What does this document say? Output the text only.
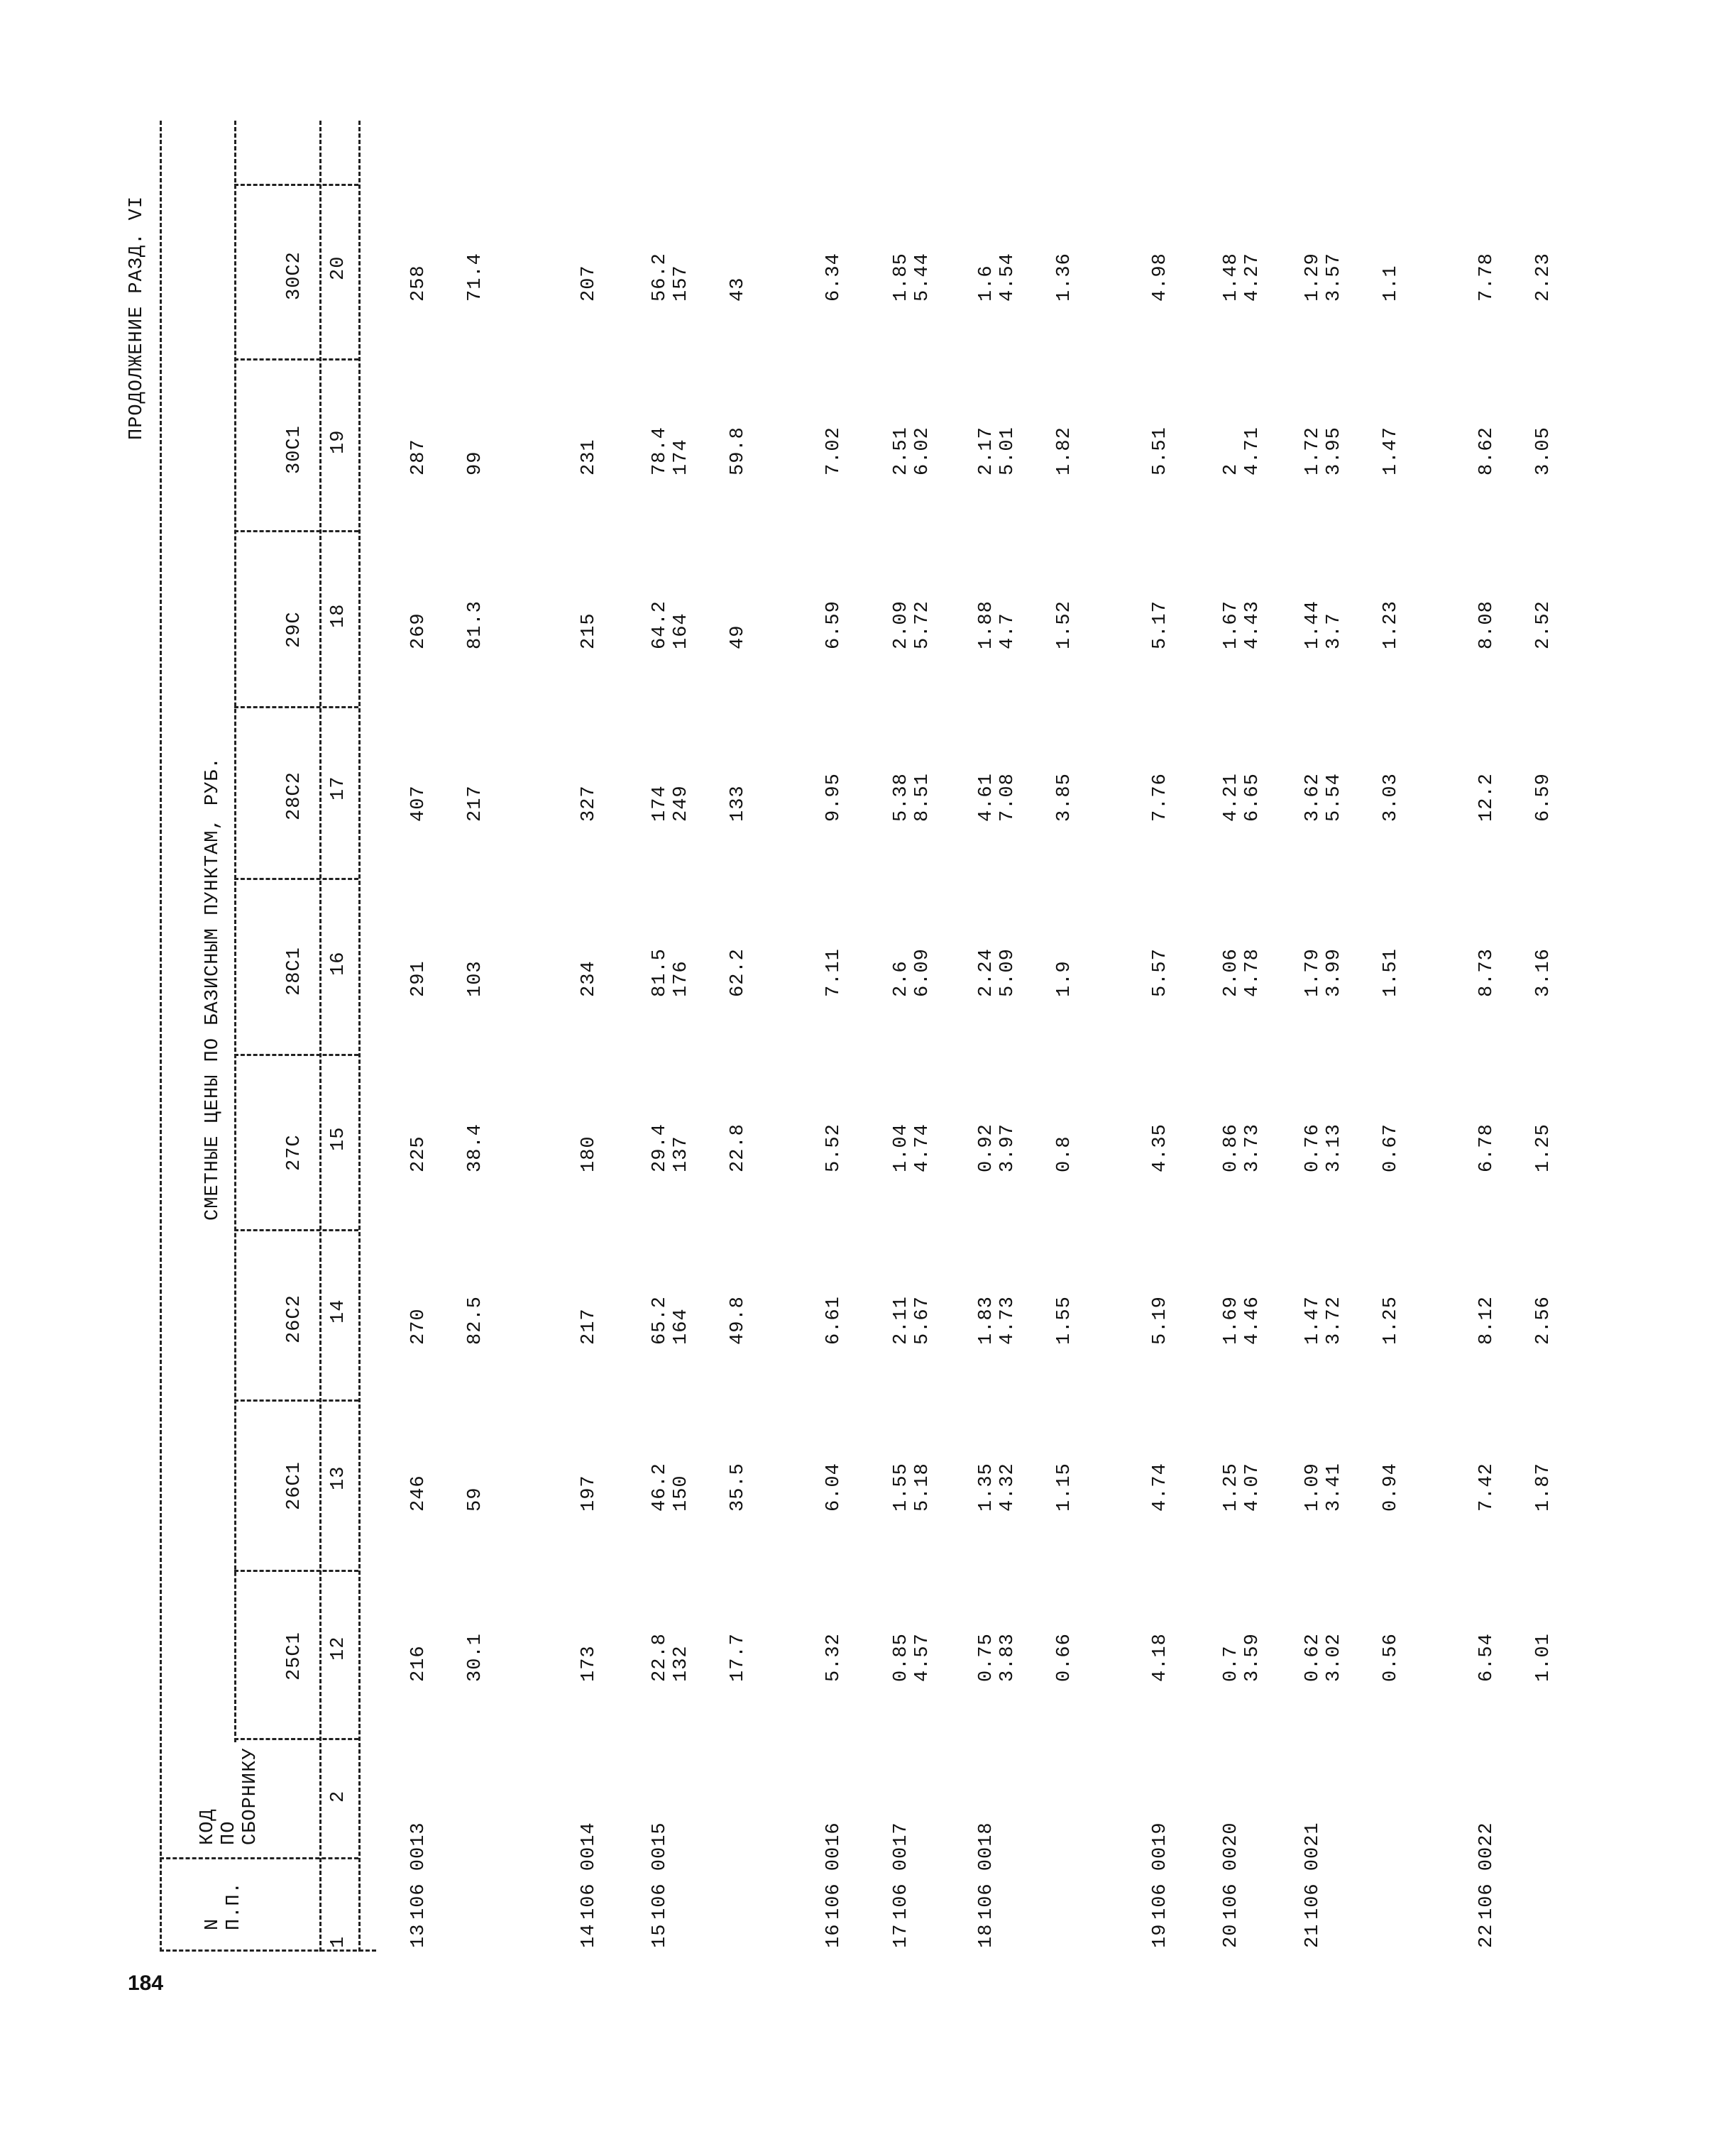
184
N П.П.
КОД ПО СБОРНИКУ
СМЕТНЫЕ ЦЕНЫ ПО БАЗИСНЫМ ПУНКТАМ, РУБ.
ПРОДОЛЖЕНИЕ РАЗД. VI
25С1
26С1
26С2
27С
28С1
28С2
29С
30С1
30С2
1
2
12
13
14
15
16
17
18
19
20
13
106 0013
216
246
270
225
291
407
269
287
258
30.1
59
82.5
38.4
103
217
81.3
99
71.4
14
106 0014
173
197
217
180
234
327
215
231
207
15
106 0015
22.8
46.2
65.2
29.4
81.5
174
64.2
78.4
56.2
132
150
164
137
176
249
164
174
157
17.7
35.5
49.8
22.8
62.2
133
49
59.8
43
16
106 0016
5.32
6.04
6.61
5.52
7.11
9.95
6.59
7.02
6.34
17
106 0017
0.85
1.55
2.11
1.04
2.6
5.38
2.09
2.51
1.85
4.57
5.18
5.67
4.74
6.09
8.51
5.72
6.02
5.44
18
106 0018
0.75
1.35
1.83
0.92
2.24
4.61
1.88
2.17
1.6
3.83
4.32
4.73
3.97
5.09
7.08
4.7
5.01
4.54
0.66
1.15
1.55
0.8
1.9
3.85
1.52
1.82
1.36
19
106 0019
4.18
4.74
5.19
4.35
5.57
7.76
5.17
5.51
4.98
20
106 0020
0.7
1.25
1.69
0.86
2.06
4.21
1.67
2
1.48
3.59
4.07
4.46
3.73
4.78
6.65
4.43
4.71
4.27
21
106 0021
0.62
1.09
1.47
0.76
1.79
3.62
1.44
1.72
1.29
3.02
3.41
3.72
3.13
3.99
5.54
3.7
3.95
3.57
0.56
0.94
1.25
0.67
1.51
3.03
1.23
1.47
1.1
22
106 0022
6.54
7.42
8.12
6.78
8.73
12.2
8.08
8.62
7.78
1.01
1.87
2.56
1.25
3.16
6.59
2.52
3.05
2.23
